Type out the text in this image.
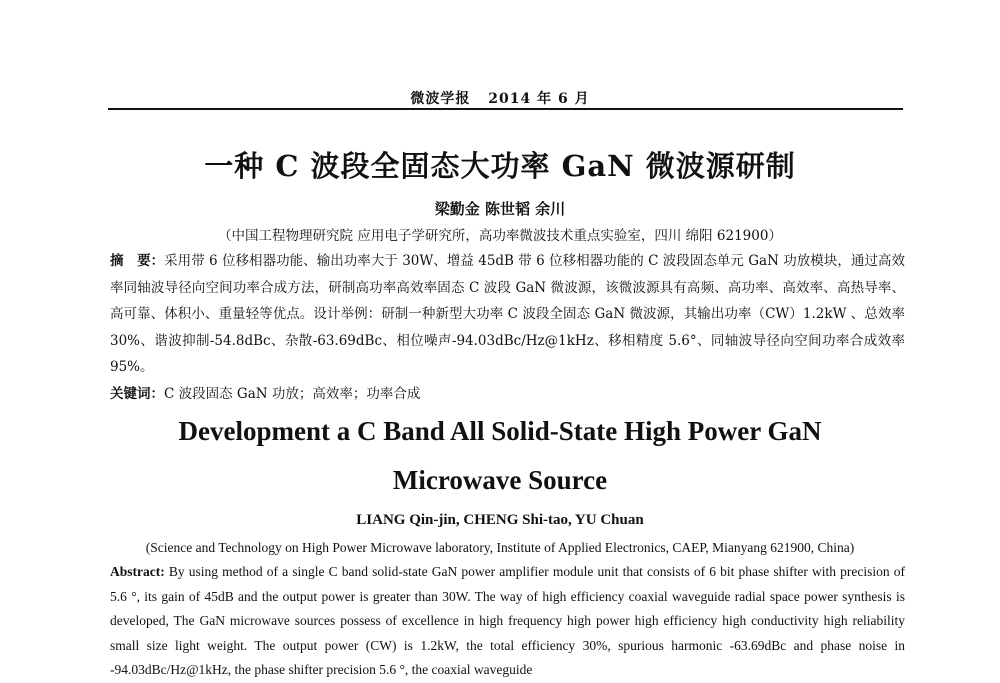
微波学报 2014 年 6 月
一种 C 波段全固态大功率 GaN 微波源研制
梁勤金 陈世韬 余川
（中国工程物理研究院 应用电子学研究所，高功率微波技术重点实验室，四川 绵阳 621900）
摘　要：采用带 6 位移相器功能、输出功率大于 30W、增益 45dB 带 6 位移相器功能的 C 波段固态单元 GaN 功放模块，通过高效率同轴波导径向空间功率合成方法，研制高功率高效率固态 C 波段 GaN 微波源，该微波源具有高频、高功率、高效率、高热导率、高可靠、体积小、重量轻等优点。设计举例：研制一种新型大功率 C 波段全固态 GaN 微波源，其输出功率（CW）1.2kW 、总效率 30%、谐波抑制-54.8dBc、杂散-63.69dBc、相位噪声-94.03dBc/Hz@1kHz、移相精度 5.6°、同轴波导径向空间功率合成效率 95%。
关键词：C 波段固态 GaN 功放；高效率；功率合成
Development a C Band All Solid-State High Power GaN
Microwave Source
LIANG Qin-jin, CHENG Shi-tao, YU Chuan
(Science and Technology on High Power Microwave laboratory, Institute of Applied Electronics, CAEP, Mianyang 621900, China)
Abstract: By using method of a single C band solid-state GaN power amplifier module unit that consists of 6 bit phase shifter with precision of 5.6 °, its gain of 45dB and the output power is greater than 30W. The way of high efficiency coaxial waveguide radial space power synthesis is developed, The GaN microwave sources possess of excellence in high frequency high power high efficiency high conductivity high reliability small size light weight. The output power (CW) is 1.2kW, the total efficiency 30%, spurious harmonic -63.69dBc and phase noise in -94.03dBc/Hz@1kHz, the phase shifter precision 5.6 °, the coaxial waveguide
